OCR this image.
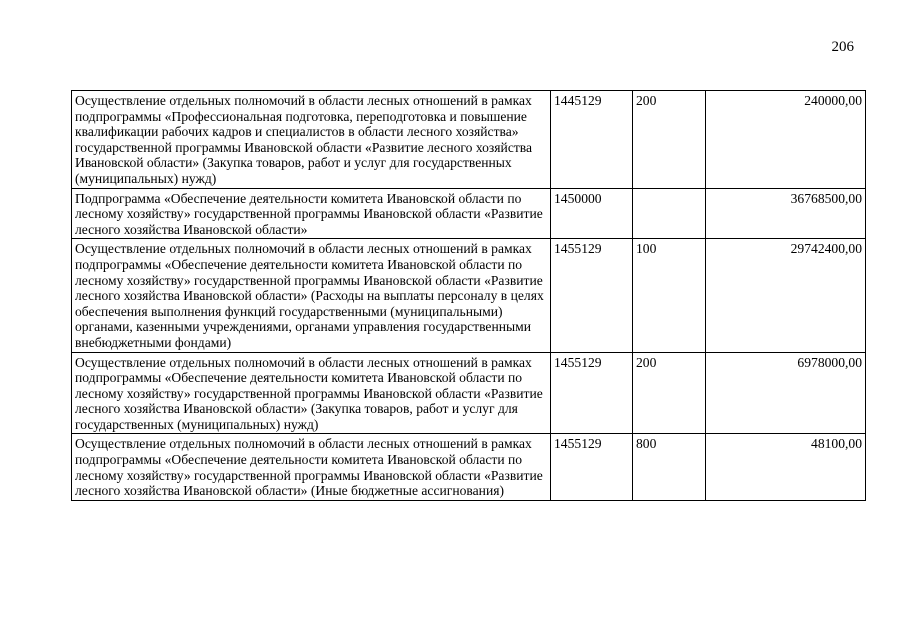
206
Осуществление отдельных полномочий в области лесных отношений в рамках подпрограммы «Профессиональная подготовка, переподготовка и повышение квалификации рабочих кадров и специалистов в области лесного хозяйства» государственной программы Ивановской области «Развитие лесного хозяйства Ивановской области» (Закупка товаров, работ и услуг для государственных (муниципальных) нужд)	1445129	200	240000,00
Подпрограмма «Обеспечение деятельности комитета Ивановской области по лесному хозяйству» государственной программы Ивановской области «Развитие лесного хозяйства Ивановской области»	1450000		36768500,00
Осуществление отдельных полномочий в области лесных отношений в рамках подпрограммы «Обеспечение деятельности комитета Ивановской области по лесному хозяйству» государственной программы Ивановской области «Развитие лесного хозяйства Ивановской области» (Расходы на выплаты персоналу в целях обеспечения выполнения функций государственными (муниципальными) органами, казенными учреждениями, органами управления государственными внебюджетными фондами)	1455129	100	29742400,00
Осуществление отдельных полномочий в области лесных отношений в рамках подпрограммы «Обеспечение деятельности комитета Ивановской области по лесному хозяйству» государственной программы Ивановской области «Развитие лесного хозяйства Ивановской области» (Закупка товаров, работ и услуг для государственных (муниципальных) нужд)	1455129	200	6978000,00
Осуществление отдельных полномочий в области лесных отношений в рамках подпрограммы «Обеспечение деятельности комитета Ивановской области по лесному хозяйству» государственной программы Ивановской области «Развитие лесного хозяйства Ивановской области» (Иные бюджетные ассигнования)	1455129	800	48100,00
